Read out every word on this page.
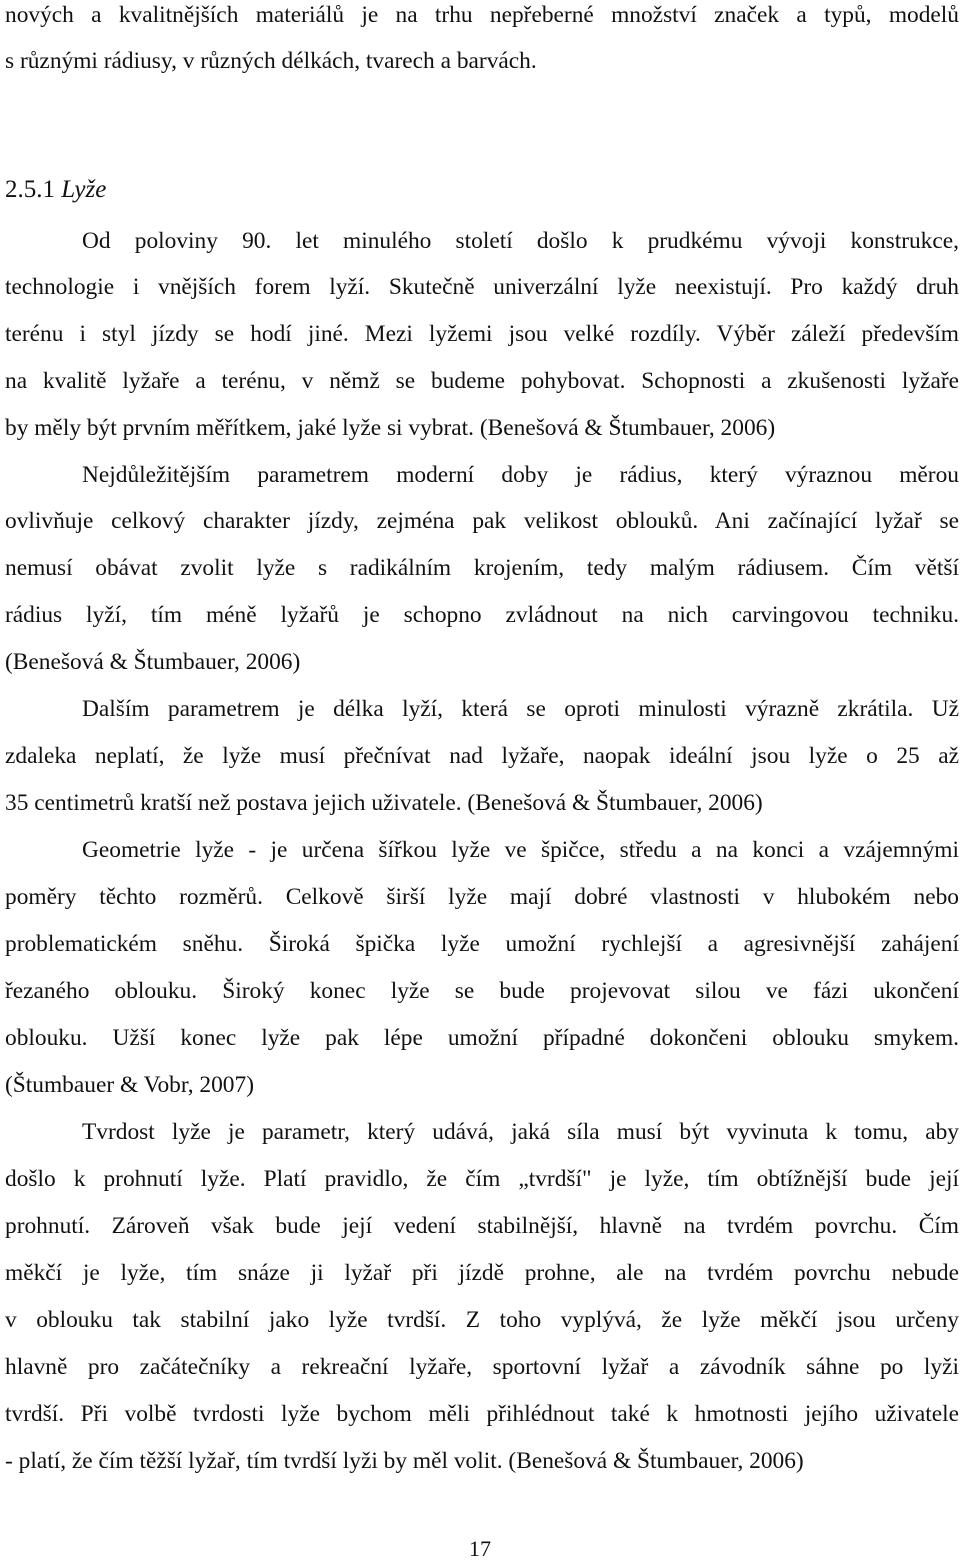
nových a kvalitnějších materiálů je na trhu nepřeberné množství značek a typů, modelů
s různými rádiusy, v různých délkách, tvarech a barvách.
2.5.1 Lyže
Od poloviny 90. let minulého století došlo k prudkému vývoji konstrukce,
technologie i vnějších forem lyží. Skutečně univerzální lyže neexistují. Pro každý druh
terénu i styl jízdy se hodí jiné. Mezi lyžemi jsou velké rozdíly. Výběr záleží především
na kvalitě lyžaře a terénu, v němž se budeme pohybovat. Schopnosti a zkušenosti lyžaře
by měly být prvním měřítkem, jaké lyže si vybrat. (Benešová & Štumbauer, 2006)
Nejdůležitějším parametrem moderní doby je rádius, který výraznou měrou
ovlivňuje celkový charakter jízdy, zejména pak velikost oblouků. Ani začínající lyžař se
nemusí obávat zvolit lyže s radikálním krojením, tedy malým rádiusem. Čím větší
rádius lyží, tím méně lyžařů je schopno zvládnout na nich carvingovou techniku.
(Benešová & Štumbauer, 2006)
Dalším parametrem je délka lyží, která se oproti minulosti výrazně zkrátila. Už
zdaleka neplatí, že lyže musí přečnívat nad lyžaře, naopak ideální jsou lyže o 25 až
35 centimetrů kratší než postava jejich uživatele. (Benešová & Štumbauer, 2006)
Geometrie lyže - je určena šířkou lyže ve špičce, středu a na konci a vzájemnými
poměry těchto rozměrů. Celkově širší lyže mají dobré vlastnosti v hlubokém nebo
problematickém sněhu. Široká špička lyže umožní rychlejší a agresivnější zahájení
řezaného oblouku. Široký konec lyže se bude projevovat silou ve fázi ukončení
oblouku. Užší konec lyže pak lépe umožní případné dokončeni oblouku smykem.
(Štumbauer & Vobr, 2007)
Tvrdost lyže je parametr, který udává, jaká síla musí být vyvinuta k tomu, aby
došlo k prohnutí lyže. Platí pravidlo, že čím „tvrdší" je lyže, tím obtížnější bude její
prohnutí. Zároveň však bude její vedení stabilnější, hlavně na tvrdém povrchu. Čím
měkčí je lyže, tím snáze ji lyžař při jízdě prohne, ale na tvrdém povrchu nebude
v oblouku tak stabilní jako lyže tvrdší. Z toho vyplývá, že lyže měkčí jsou určeny
hlavně pro začátečníky a rekreační lyžaře, sportovní lyžař a závodník sáhne po lyži
tvrdší. Při volbě tvrdosti lyže bychom měli přihlédnout také k hmotnosti jejího uživatele
- platí, že čím těžší lyžař, tím tvrdší lyži by měl volit. (Benešová & Štumbauer, 2006)
17
